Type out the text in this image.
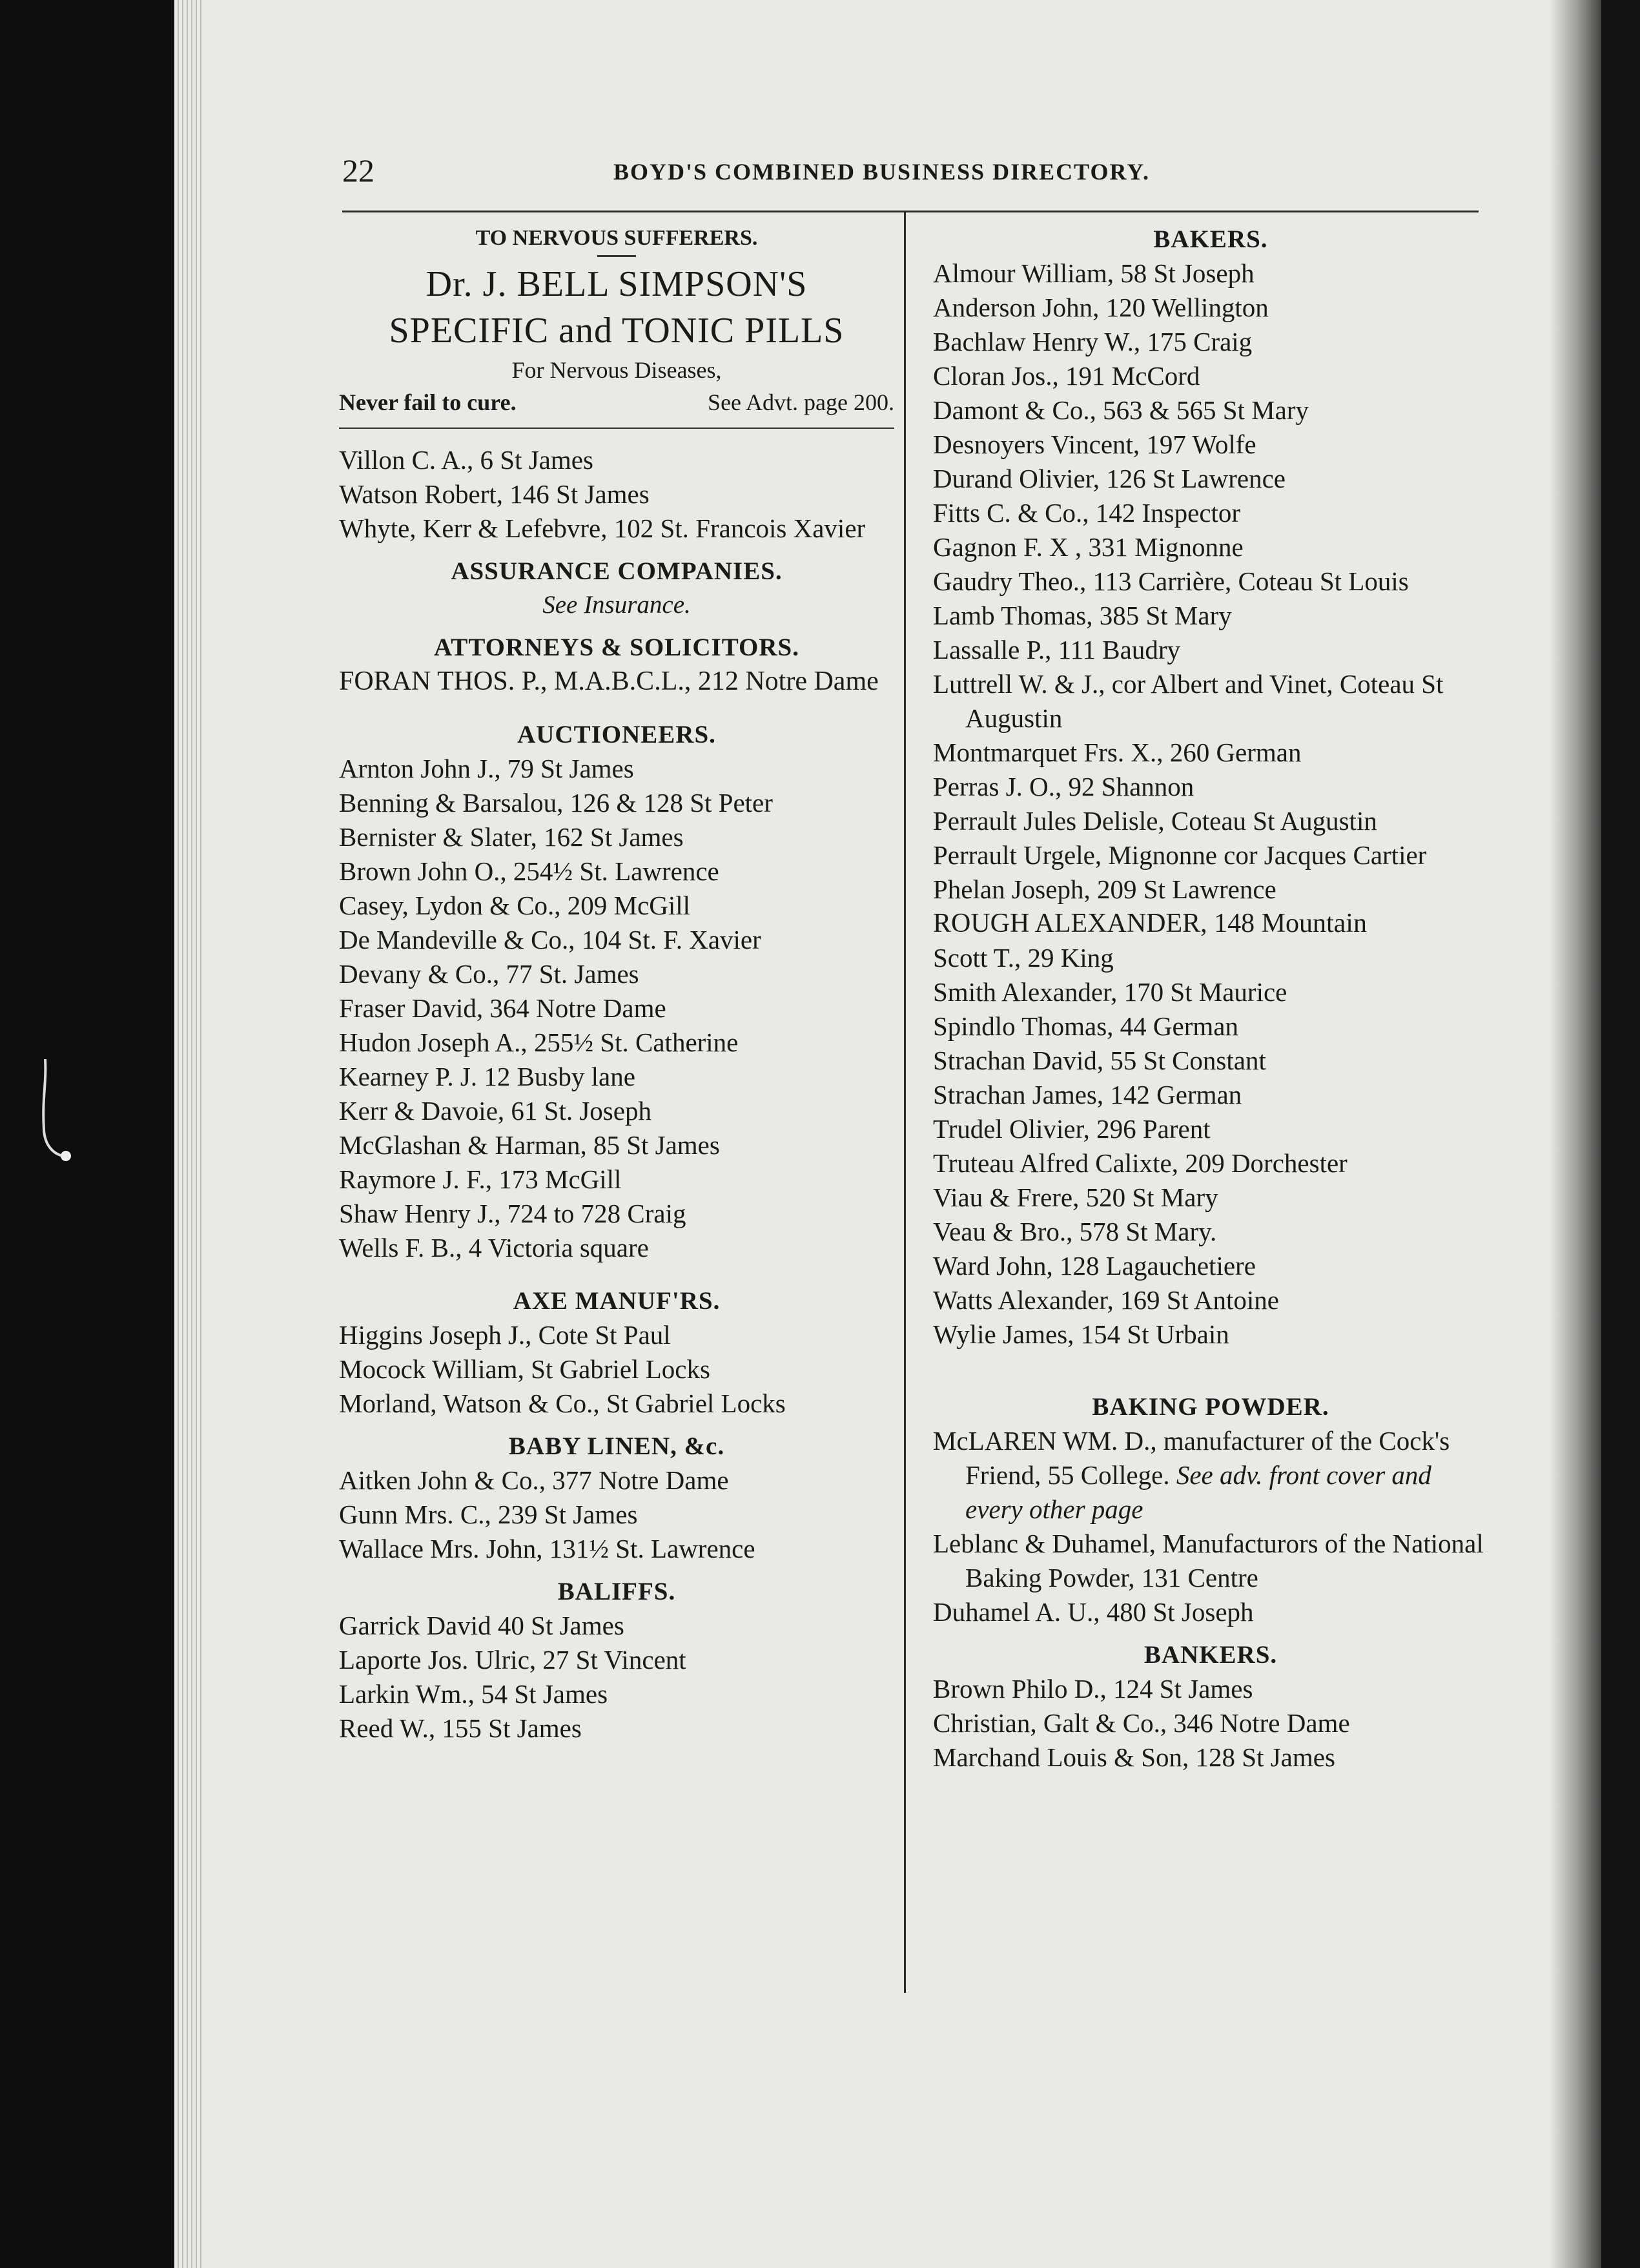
22	BOYD'S COMBINED BUSINESS DIRECTORY.
TO NERVOUS SUFFERERS.
Dr. J. BELL SIMPSON'S
SPECIFIC and TONIC PILLS
For Nervous Diseases,
Never fail to cure.	See Advt. page 200.
Villon C. A., 6 St James
Watson Robert, 146 St James
Whyte, Kerr & Lefebvre, 102 St. Francois Xavier
ASSURANCE COMPANIES.
See Insurance.
ATTORNEYS & SOLICITORS.
FORAN THOS. P., M.A.B.C.L., 212 Notre Dame
AUCTIONEERS.
Arnton John J., 79 St James
Benning & Barsalou, 126 & 128 St Peter
Bernister & Slater, 162 St James
Brown John O., 254½ St. Lawrence
Casey, Lydon & Co., 209 McGill
De Mandeville & Co., 104 St. F. Xavier
Devany & Co., 77 St. James
Fraser David, 364 Notre Dame
Hudon Joseph A., 255½ St. Catherine
Kearney P. J. 12 Busby lane
Kerr & Davoie, 61 St. Joseph
McGlashan & Harman, 85 St James
Raymore J. F., 173 McGill
Shaw Henry J., 724 to 728 Craig
Wells F. B., 4 Victoria square
AXE MANUF'RS.
Higgins Joseph J., Cote St Paul
Mocock William, St Gabriel Locks
Morland, Watson & Co., St Gabriel Locks
BABY LINEN, &c.
Aitken John & Co., 377 Notre Dame
Gunn Mrs. C., 239 St James
Wallace Mrs. John, 131½ St. Lawrence
BALIFFS.
Garrick David 40 St James
Laporte Jos. Ulric, 27 St Vincent
Larkin Wm., 54 St James
Reed W., 155 St James
BAKERS.
Almour William, 58 St Joseph
Anderson John, 120 Wellington
Bachlaw Henry W., 175 Craig
Cloran Jos., 191 McCord
Damont & Co., 563 & 565 St Mary
Desnoyers Vincent, 197 Wolfe
Durand Olivier, 126 St Lawrence
Fitts C. & Co., 142 Inspector
Gagnon F. X , 331 Mignonne
Gaudry Theo., 113 Carrière, Coteau St Louis
Lamb Thomas, 385 St Mary
Lassalle P., 111 Baudry
Luttrell W. & J., cor Albert and Vinet, Coteau St Augustin
Montmarquet Frs. X., 260 German
Perras J. O., 92 Shannon
Perrault Jules Delisle, Coteau St Augustin
Perrault Urgele, Mignonne cor Jacques Cartier
Phelan Joseph, 209 St Lawrence
ROUGH ALEXANDER, 148 Mountain
Scott T., 29 King
Smith Alexander, 170 St Maurice
Spindlo Thomas, 44 German
Strachan David, 55 St Constant
Strachan James, 142 German
Trudel Olivier, 296 Parent
Truteau Alfred Calixte, 209 Dorchester
Viau & Frere, 520 St Mary
Veau & Bro., 578 St Mary.
Ward John, 128 Lagauchetiere
Watts Alexander, 169 St Antoine
Wylie James, 154 St Urbain
BAKING POWDER.
McLAREN WM. D., manufacturer of the Cock's Friend, 55 College. See adv. front cover and every other page
Leblanc & Duhamel, Manufacturors of the National Baking Powder, 131 Centre
Duhamel A. U., 480 St Joseph
BANKERS.
Brown Philo D., 124 St James
Christian, Galt & Co., 346 Notre Dame
Marchand Louis & Son, 128 St James
